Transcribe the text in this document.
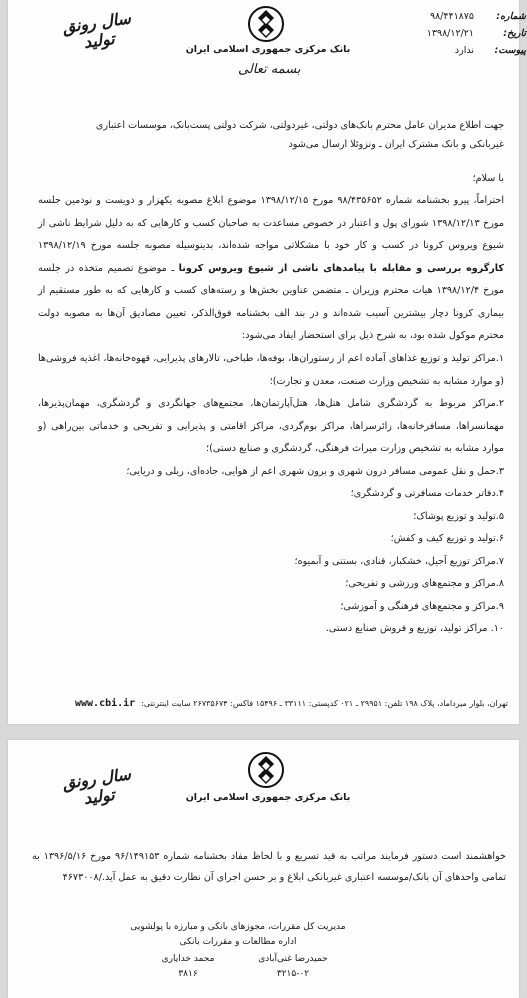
شماره:
۹۸/۴۴۱۸۷۵
تاریخ:
۱۳۹۸/۱۲/۲۱
پیوست:
ندارد
بانک مرکزی جمهوری اسلامی ایران
بسمه تعالی
سال رونق تولید
جهت اطلاع مدیران عامل محترم بانک‌های دولتی، غیردولتی، شرکت دولتی پست‌بانک، موسسات اعتباری
غیربانکی و بانک مشترک ایران ـ ونزوئلا ارسال می‌شود
با سلام؛
احتراماً، پیرو بخشنامه شماره ۹۸/۴۳۵۶۵۲ مورخ ۱۳۹۸/۱۲/۱۵ موضوع ابلاغ مصوبه یکهزار و دویست و نودمین جلسه مورخ ۱۳۹۸/۱۲/۱۳ شورای پول و اعتبار در خصوص مساعدت به صاحبان کسب و کارهایی که به دلیل شرایط ناشی از شیوع ویروس کرونا در کسب و کار خود با مشکلاتی مواجه شده‌اند، بدینوسیله مصوبه جلسه مورخ ۱۳۹۸/۱۲/۱۹ کارگروه بررسی و مقابله با پیامدهای ناشی از شیوع ویروس کرونا ـ موضوع تصمیم متخذه در جلسه مورخ ۱۳۹۸/۱۲/۴ هیات محترم وزیران ـ متضمن عناوین بخش‌ها و رسته‌های کسب و کارهایی که به طور مستقیم از بیماری کرونا دچار بیشترین آسیب شده‌اند و در بند الف بخشنامه فوق‌الذکر، تعیین مصادیق آن‌ها به مصوبه دولت محترم موکول شده بود، به شرح ذیل برای استحضار ایفاد می‌شود:
۱.مراکز تولید و توزیع غذاهای آماده اعم از رستوران‌ها، بوفه‌ها، طباخی، تالارهای پذیرایی، قهوه‌خانه‌ها، اغذیه فروشی‌ها (و موارد مشابه به تشخیص وزارت صنعت، معدن و تجارت)؛
۲.مراکز مربوط به گردشگری شامل هتل‌ها، هتل‌آپارتمان‌ها، مجتمع‌های جهانگردی و گردشگری، مهمان‌پذیرها، مهمانسراها، مسافرخانه‌ها، زائرسراها، مراکز بوم‌گردی، مراکز اقامتی و پذیرایی و تفریحی و خدماتی بین‌راهی (و موارد مشابه به تشخیص وزارت میراث فرهنگی، گردشگری و صنایع دستی)؛
۳.حمل و نقل عمومی مسافر درون شهری و برون شهری اعم از هوایی، جاده‌ای، ریلی و دریایی؛
۴.دفاتر خدمات مسافرتی و گردشگری؛
۵.تولید و توزیع پوشاک؛
۶.تولید و توزیع کیف و کفش؛
۷.مراکز توزیع آجیل، خشکبار، قنادی، بستنی و آبمیوه؛
۸.مراکز و مجتمع‌های ورزشی و تفریحی؛
۹.مراکز و مجتمع‌های فرهنگی و آموزشی؛
۱۰. مراکز تولید، توزیع و فروش صنایع دستی.
تهران، بلوار میرداماد، پلاک ۱۹۸ تلفن: ۲۹۹۵۱ ـ ۰۲۱ کدپستی: ۳۳۱۱۱ ـ ۱۵۴۹۶ فاکس: ۲۶۷۳۵۶۷۴ سایت اینترنتی:
www.cbi.ir
بانک مرکزی جمهوری اسلامی ایران
سال رونق تولید
خواهشمند است دستور فرمایند مراتب به قید تسریع و با لحاظ مفاد بخشنامه شماره ۹۶/۱۴۹۱۵۳ مورخ ۱۳۹۶/۵/۱۶ به تمامی واحدهای آن بانک/موسسه اعتباری غیربانکی ابلاغ و بر حسن اجرای آن نظارت دقیق به عمل آید./۴۶۷۳۰۰۸
مدیریت کل مقررات، مجوزهای بانکی و مبارزه با پولشویی
اداره مطالعات و مقررات بانکی
حمیدرضا غنی‌آبادی
۳۲۱۵-۰۲
محمد خدایاری
۳۸۱۶
